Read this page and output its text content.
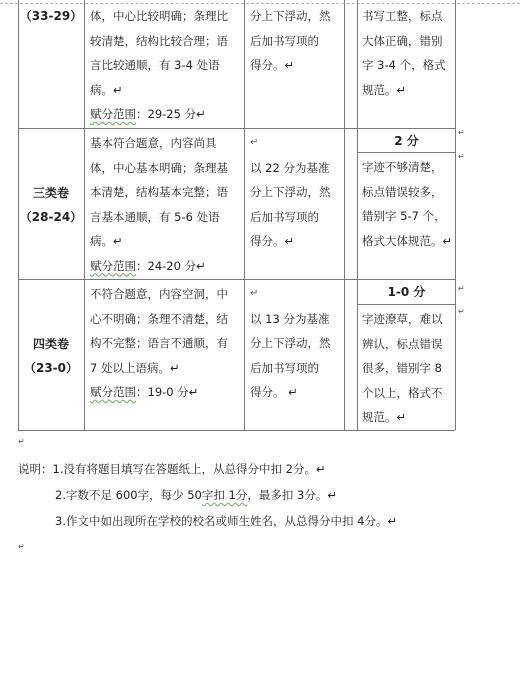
（33-29） 体，中心比较明确；条理比
较清楚，结构比较合理；语
言比较通顺，有 3-4 处语
病。↵
赋分范围：29-25 分↵
分上下浮动，然
后加书写项的
得分。↵
书写工整，标点
大体正确，错别
字 3-4 个，格式
规范。↵
三类卷
（28-24）
基本符合题意，内容尚具
体，中心基本明确；条理基
本清楚，结构基本完整；语
言基本通顺，有 5-6 处语
病。↵
赋分范围：24-20 分↵
↵
以 22 分为基准
分上下浮动，然
后加书写项的
得分。↵
2 分
字迹不够清楚，
标点错误较多，
错别字 5-7 个，
格式大体规范。↵
四类卷
（23-0）
不符合题意，内容空洞，中
心不明确；条理不清楚，结
构不完整；语言不通顺，有
7 处以上语病。↵
赋分范围：19-0 分↵
↵
以 13 分为基准
分上下浮动，然
后加书写项的
得分。 ↵
1-0 分
字迹潦草，难以
辨认，标点错误
很多，错别字 8
个以上，格式不
规范。↵
↵
↵
↵
↵
↵
说明：1.没有将题目填写在答题纸上，从总得分中扣 2分。↵
2.字数不足 600字，每少 50字扣 1分，最多扣 3分。↵
3.作文中如出现所在学校的校名或师生姓名，从总得分中扣 4分。↵
↵
